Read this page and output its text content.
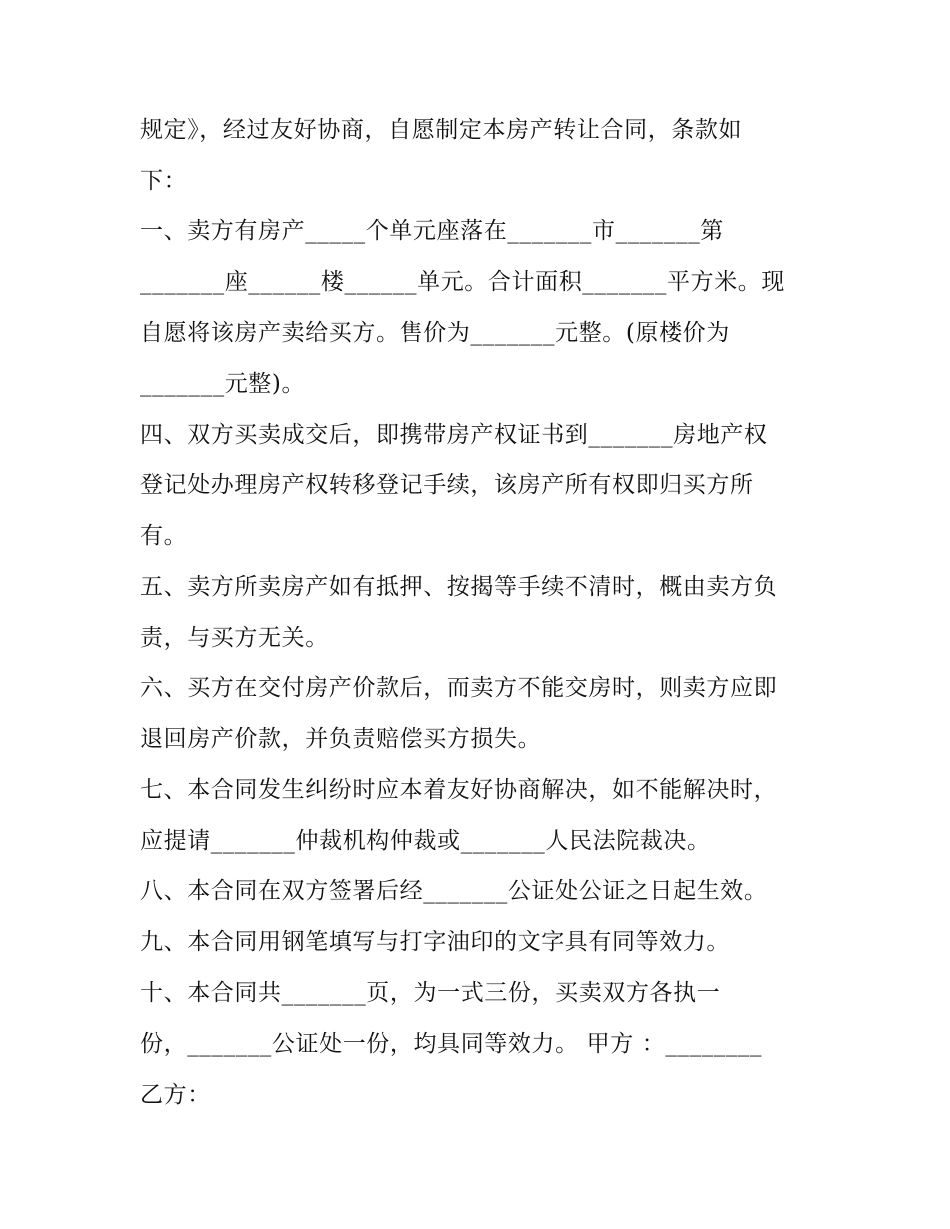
规定》，经过友好协商，自愿制定本房产转让合同，条款如
下：
一、卖方有房产_____个单元座落在_______市_______第
_______座______楼______单元。合计面积_______平方米。现
自愿将该房产卖给买方。售价为_______元整。(原楼价为
_______元整)。
四、双方买卖成交后，即携带房产权证书到_______房地产权
登记处办理房产权转移登记手续，该房产所有权即归买方所
有。
五、卖方所卖房产如有抵押、按揭等手续不清时，概由卖方负
责，与买方无关。
六、买方在交付房产价款后，而卖方不能交房时，则卖方应即
退回房产价款，并负责赔偿买方损失。
七、本合同发生纠纷时应本着友好协商解决，如不能解决时，
应提请_______仲裁机构仲裁或_______人民法院裁决。
八、本合同在双方签署后经_______公证处公证之日起生效。
九、本合同用钢笔填写与打字油印的文字具有同等效力。
十、本合同共_______页，为一式三份，买卖双方各执一
份，_______公证处一份，均具同等效力。 甲方 ：________
乙方：
